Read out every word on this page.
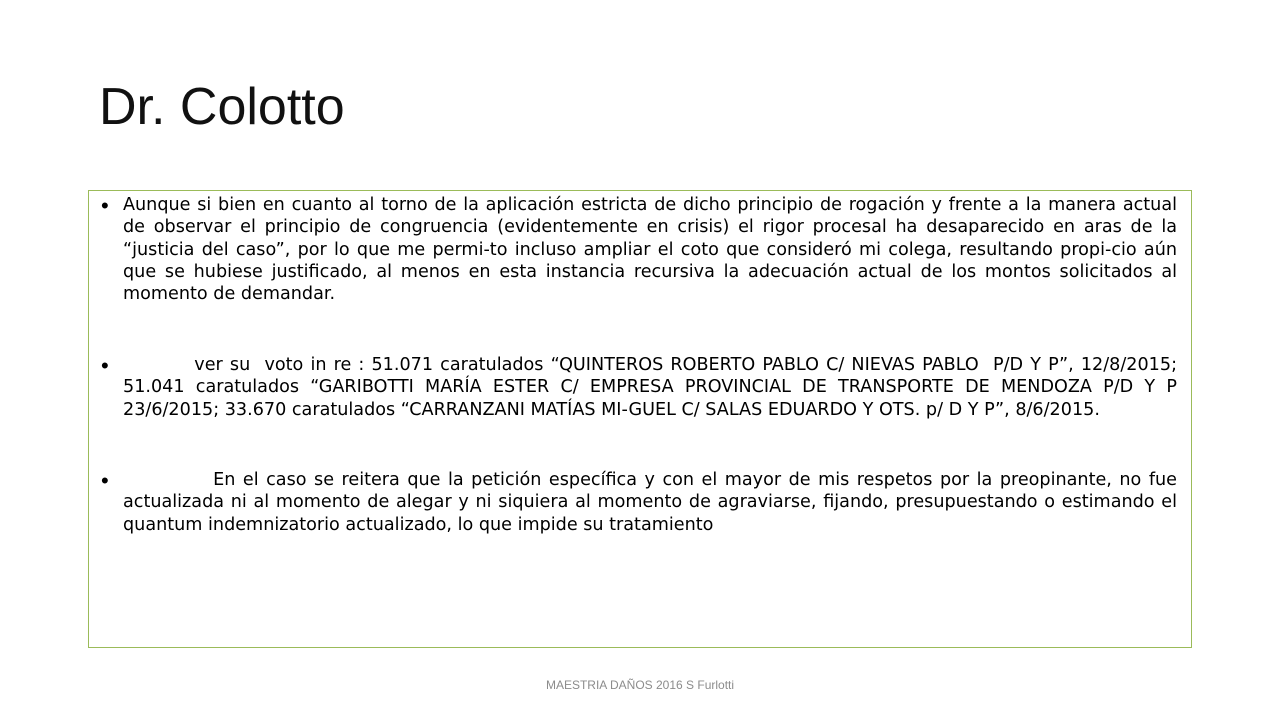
Dr. Colotto
• Aunque si bien en cuanto al torno de la aplicación estricta de dicho principio de rogación y frente a la manera actual de observar el principio de congruencia (evidentemente en crisis) el rigor procesal ha desaparecido en aras de la “justicia del caso”, por lo que me permi-to incluso ampliar el coto que consideró mi colega, resultando propi-cio aún que se hubiese justificado, al menos en esta instancia recursiva la adecuación actual de los montos solicitados al momento de demandar.

• ver su  voto in re : 51.071 caratulados “QUINTEROS ROBERTO PABLO C/ NIEVAS PABLO  P/D Y P”, 12/8/2015; 51.041 caratulados “GARIBOTTI MARÍA ESTER C/ EMPRESA PROVINCIAL DE TRANSPORTE DE MENDOZA P/D Y P 23/6/2015; 33.670 caratulados “CARRANZANI MATÍAS MI-GUEL C/ SALAS EDUARDO Y OTS. p/ D Y P”, 8/6/2015.

• En el caso se reitera que la petición específica y con el mayor de mis respetos por la preopinante, no fue actualizada ni al momento de alegar y ni siquiera al momento de agraviarse, fijando, presupuestando o estimando el quantum indemnizatorio actualizado, lo que impide su tratamiento

MAESTRIA DAÑOS 2016 S Furlotti
